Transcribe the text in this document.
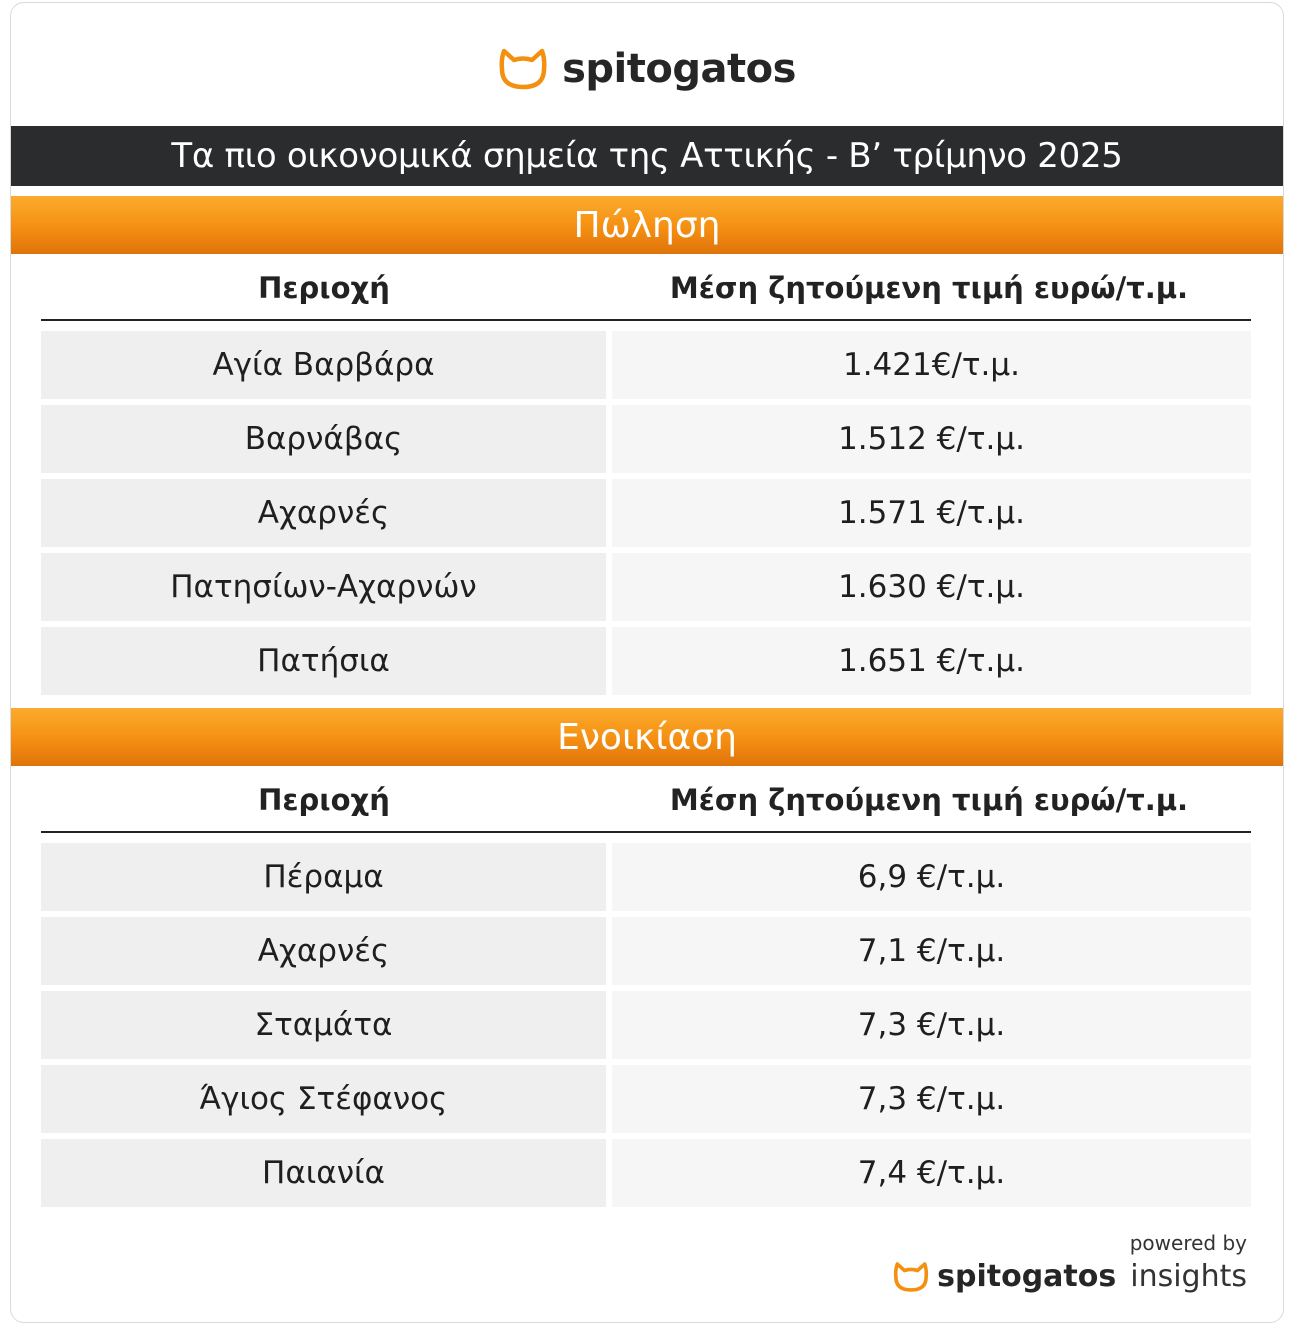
spitogatos
Τα πιο οικονομικά σημεία της Αττικής - Β’ τρίμηνο 2025
Πώληση
Περιοχή	Μέση ζητούμενη τιμή ευρώ/τ.μ.
Αγία Βαρβάρα	1.421€/τ.μ.
Βαρνάβας	1.512 €/τ.μ.
Αχαρνές	1.571 €/τ.μ.
Πατησίων-Αχαρνών	1.630 €/τ.μ.
Πατήσια	1.651 €/τ.μ.
Ενοικίαση
Περιοχή	Μέση ζητούμενη τιμή ευρώ/τ.μ.
Πέραμα	6,9 €/τ.μ.
Αχαρνές	7,1 €/τ.μ.
Σταμάτα	7,3 €/τ.μ.
Άγιος Στέφανος	7,3 €/τ.μ.
Παιανία	7,4 €/τ.μ.
powered by
spitogatos insights
